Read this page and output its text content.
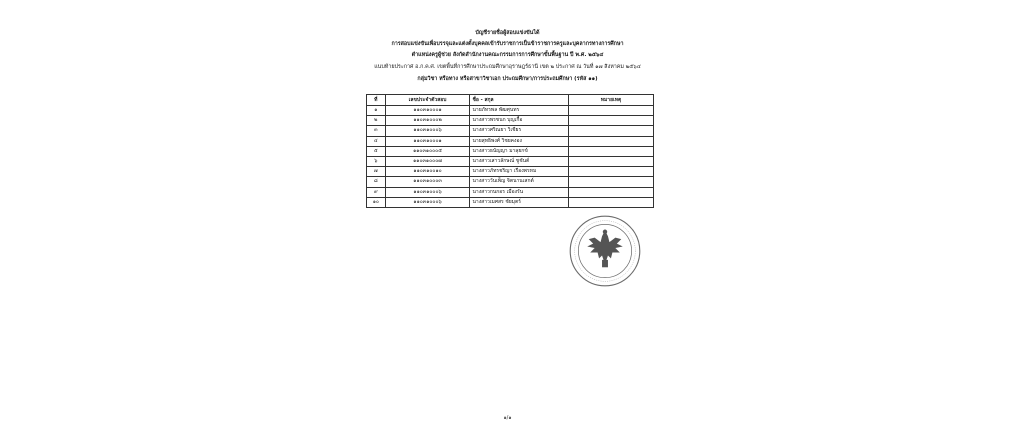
บัญชีรายชื่อผู้สอบแข่งขันได้
การสอบแข่งขันเพื่อบรรจุและแต่งตั้งบุคคลเข้ารับราชการเป็นข้าราชการครูและบุคลากรทางการศึกษา
ตำแหน่งครูผู้ช่วย สังกัดสำนักงานคณะกรรมการการศึกษาขั้นพื้นฐาน ปี พ.ศ. ๒๕๖๔
แนบท้ายประกาศ อ.ก.ค.ศ. เขตพื้นที่การศึกษาประถมศึกษาอุราษฎร์ธานี เขต ๒ ประกาศ ณ วันที่ ๑๗ สิงหาคม ๒๕๖๔
กลุ่มวิชา หรือทาง หรือสาขาวิชาเอก ประถมศึกษา/การประถมศึกษา (รหัส ๑๑)
ที่	เลขประจำตัวสอบ	ชื่อ - สกุล	หมายเหตุ
๑	๑๑๐๓๑๐๐๐๑	นายภัทรพล พัฒศุนทร	
๒	๑๑๐๓๑๐๐๐๒	นางสาวพรชนก บุญเกื้อ	
๓	๑๑๐๓๑๐๐๐๖	นางสาวศริณยา วิเชียร	
๔	๑๑๐๓๑๐๐๐๑	นายสุทธิพงศ์ วิชยคงอง	
๕	๑๑๐๓๑๐๐๐๕	นางสาวธนัญญา มาลุยกข์	
๖	๑๑๐๓๑๐๐๐๗	นางสาวเสาวลักษณ์ ชูชันต์	
๗	๑๑๐๓๑๐๐๑๐	นางสาวภัทรชริญา เรืองพรหม	
๘	๑๑๐๓๑๐๐๐๓	นางสาววันเพ็ญ จิตนานเสกต์	
๙	๑๑๐๓๑๐๐๐๖	นางสาวกนกอร เมืองรัน	
๑๐	๑๑๐๓๑๐๐๐๖	นางสาวเมศสร ชัยมุตร์	
๑/๑
